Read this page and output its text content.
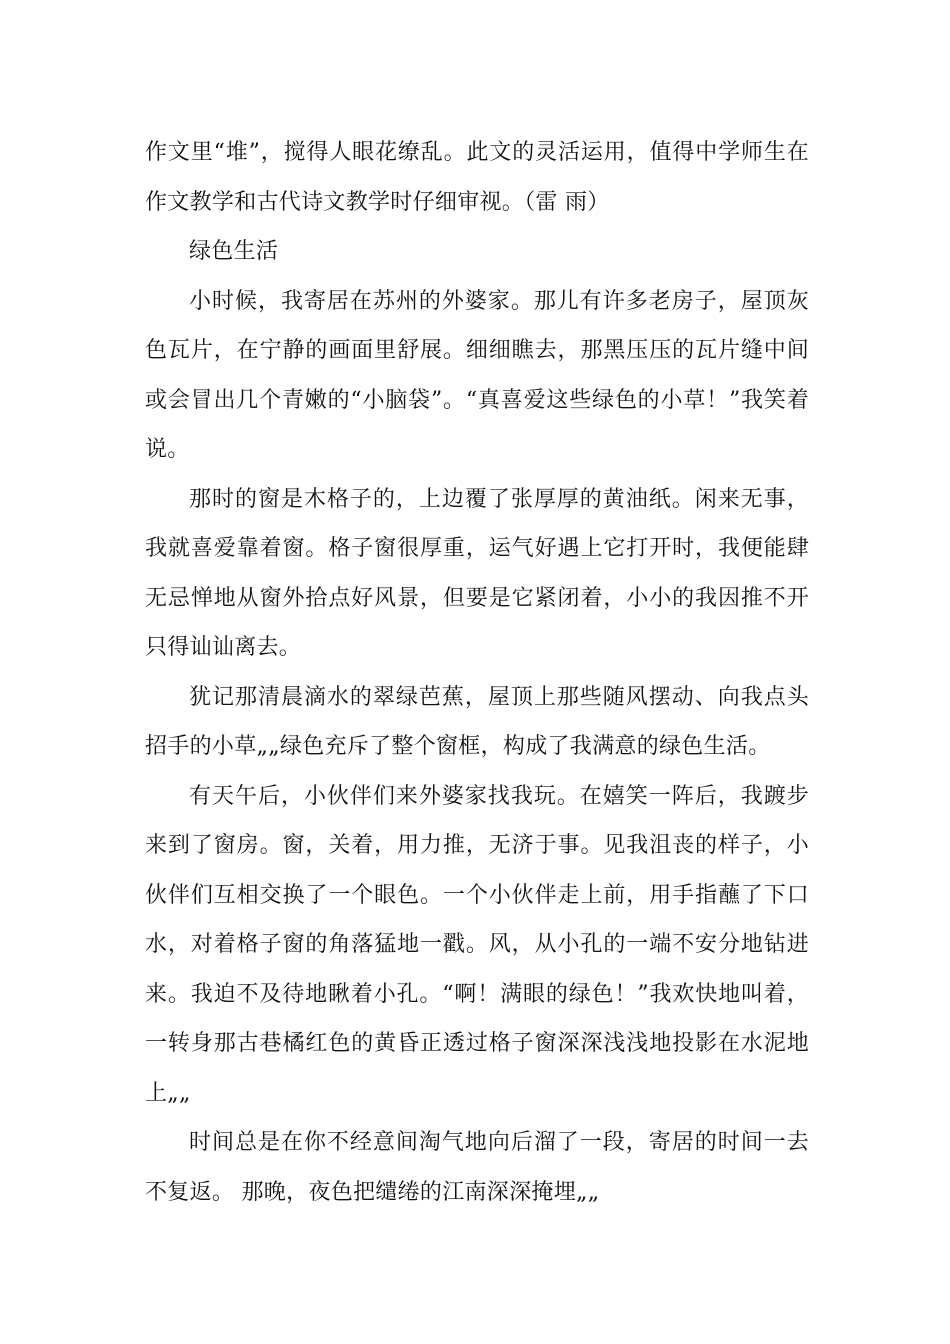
作文里“堆”，搅得人眼花缭乱。此文的灵活运用，值得中学师生在作文教学和古代诗文教学时仔细审视。（雷 雨）

绿色生活

小时候，我寄居在苏州的外婆家。那儿有许多老房子，屋顶灰色瓦片，在宁静的画面里舒展。细细瞧去，那黑压压的瓦片缝中间或会冒出几个青嫩的“小脑袋”。“真喜爱这些绿色的小草！”我笑着说。

那时的窗是木格子的，上边覆了张厚厚的黄油纸。闲来无事，我就喜爱靠着窗。格子窗很厚重，运气好遇上它打开时，我便能肆无忌惮地从窗外拾点好风景，但要是它紧闭着，小小的我因推不开只得讪讪离去。

犹记那清晨滴水的翠绿芭蕉，屋顶上那些随风摆动、向我点头招手的小草„„绿色充斥了整个窗框，构成了我满意的绿色生活。

有天午后，小伙伴们来外婆家找我玩。在嬉笑一阵后，我踱步来到了窗房。窗，关着，用力推，无济于事。见我沮丧的样子，小伙伴们互相交换了一个眼色。一个小伙伴走上前，用手指蘸了下口水，对着格子窗的角落猛地一戳。风，从小孔的一端不安分地钻进来。我迫不及待地瞅着小孔。“啊！满眼的绿色！”我欢快地叫着，一转身那古巷橘红色的黄昏正透过格子窗深深浅浅地投影在水泥地上„„

时间总是在你不经意间淘气地向后溜了一段，寄居的时间一去不复返。 那晚，夜色把缱绻的江南深深掩埋„„
